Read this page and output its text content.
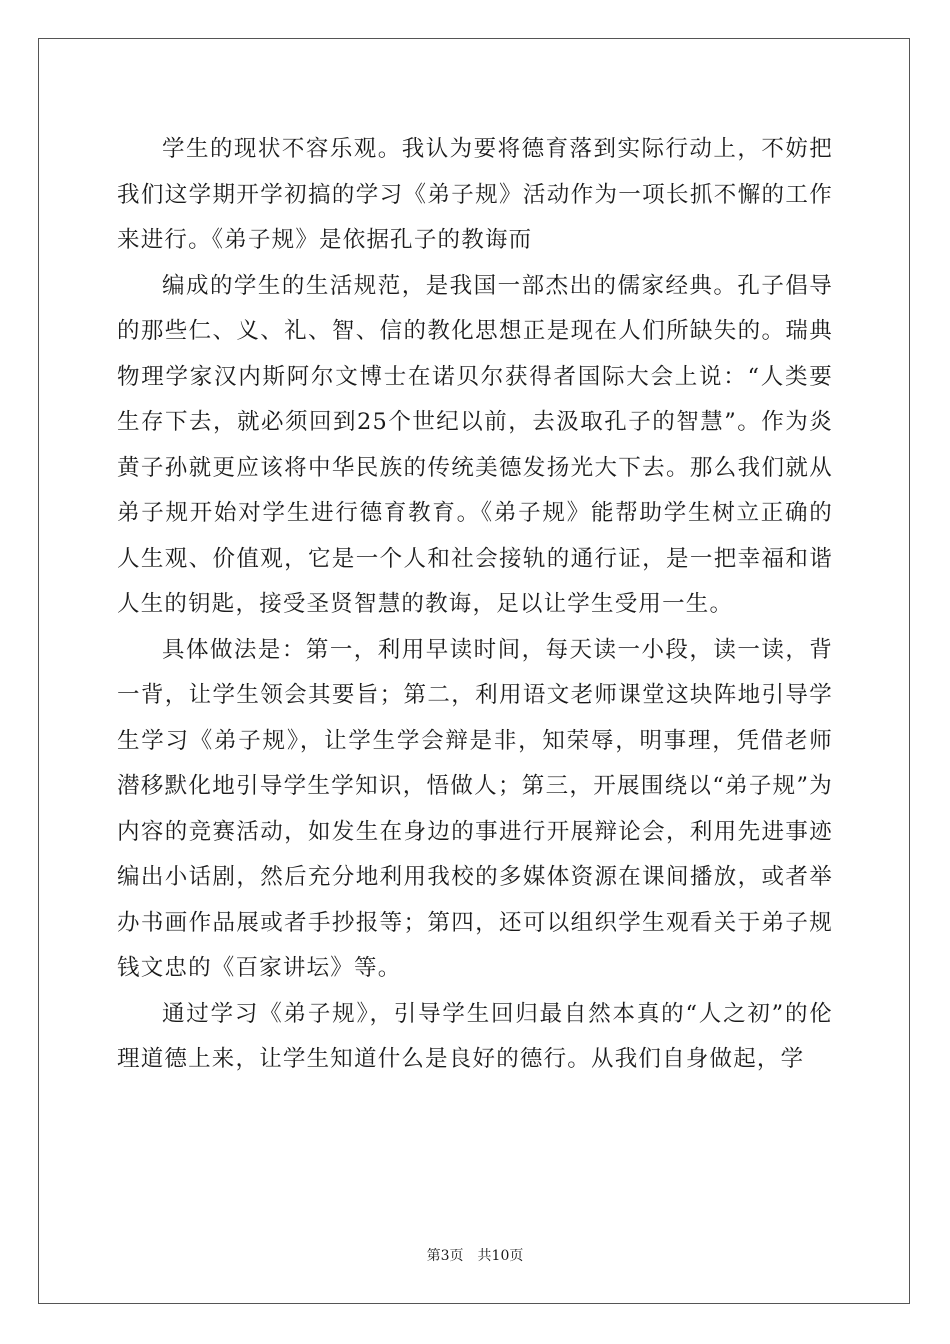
学生的现状不容乐观。我认为要将德育落到实际行动上，不妨把我们这学期开学初搞的学习《弟子规》活动作为一项长抓不懈的工作来进行。《弟子规》是依据孔子的教诲而

编成的学生的生活规范，是我国一部杰出的儒家经典。孔子倡导的那些仁、义、礼、智、信的教化思想正是现在人们所缺失的。瑞典物理学家汉内斯阿尔文博士在诺贝尔获得者国际大会上说：“人类要生存下去，就必须回到25个世纪以前，去汲取孔子的智慧”。作为炎黄子孙就更应该将中华民族的传统美德发扬光大下去。那么我们就从弟子规开始对学生进行德育教育。《弟子规》能帮助学生树立正确的人生观、价值观，它是一个人和社会接轨的通行证，是一把幸福和谐人生的钥匙，接受圣贤智慧的教诲，足以让学生受用一生。

具体做法是：第一，利用早读时间，每天读一小段，读一读，背一背，让学生领会其要旨；第二，利用语文老师课堂这块阵地引导学生学习《弟子规》，让学生学会辩是非，知荣辱，明事理，凭借老师潜移默化地引导学生学知识，悟做人；第三，开展围绕以“弟子规”为内容的竞赛活动，如发生在身边的事进行开展辩论会，利用先进事迹编出小话剧，然后充分地利用我校的多媒体资源在课间播放，或者举办书画作品展或者手抄报等；第四，还可以组织学生观看关于弟子规钱文忠的《百家讲坛》等。

通过学习《弟子规》，引导学生回归最自然本真的“人之初”的伦理道德上来，让学生知道什么是良好的德行。从我们自身做起，学

第3页 共10页
